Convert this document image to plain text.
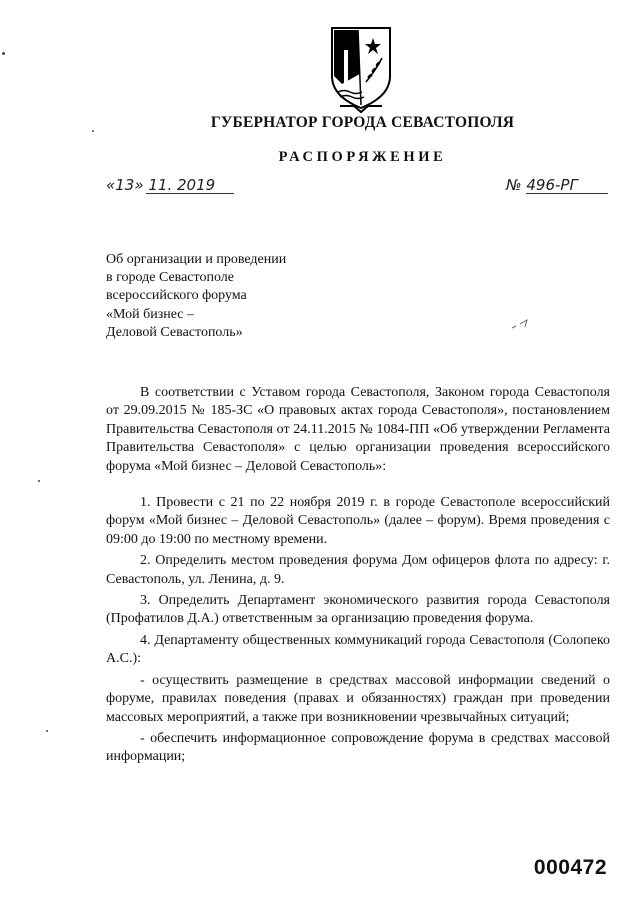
ГУБЕРНАТОР ГОРОДА СЕВАСТОПОЛЯ
РАСПОРЯЖЕНИЕ
«13» 11. 2019	№ 496-РГ
Об организации и проведении
в городе Севастополе
всероссийского форума
«Мой бизнес –
Деловой Севастополь»

В соответствии с Уставом города Севастополя, Законом города Севастополя от 29.09.2015 № 185-ЗС «О правовых актах города Севастополя», постановлением Правительства Севастополя от 24.11.2015 № 1084-ПП «Об утверждении Регламента Правительства Севастополя» с целью организации проведения всероссийского форума «Мой бизнес – Деловой Севастополь»:

1. Провести с 21 по 22 ноября 2019 г. в городе Севастополе всероссийский форум «Мой бизнес – Деловой Севастополь» (далее – форум). Время проведения с 09:00 до 19:00 по местному времени.

2. Определить местом проведения форума Дом офицеров флота по адресу: г. Севастополь, ул. Ленина, д. 9.

3. Определить Департамент экономического развития города Севастополя (Профатилов Д.А.) ответственным за организацию проведения форума.

4. Департаменту общественных коммуникаций города Севастополя (Солопеко А.С.):

- осуществить размещение в средствах массовой информации сведений о форуме, правилах поведения (правах и обязанностях) граждан при проведении массовых мероприятий, а также при возникновении чрезвычайных ситуаций;

- обеспечить информационное сопровождение форума в средствах массовой информации;

000472
